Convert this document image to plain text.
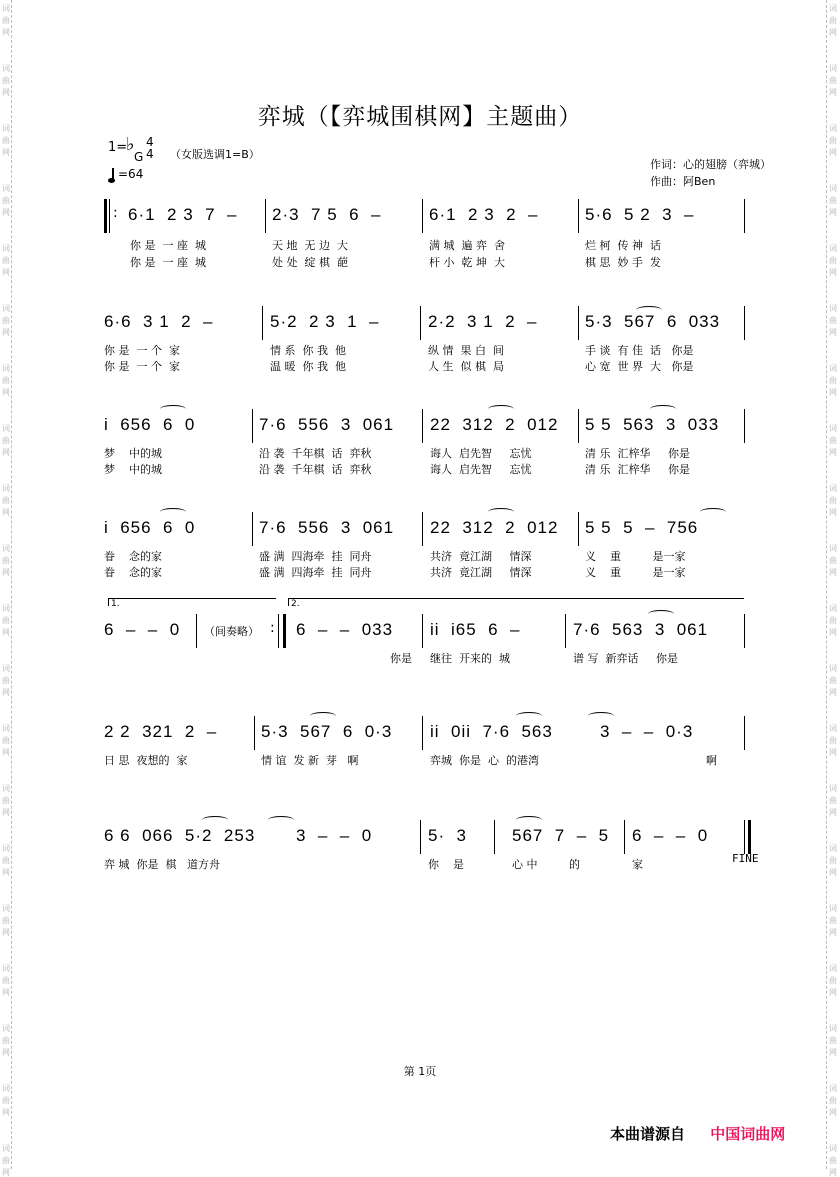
词
曲
网
词
曲
网
词
曲
网
词
曲
网
词
曲
网
词
曲
网
词
曲
网
词
曲
网
词
曲
网
词
曲
网
词
曲
网
词
曲
网
词
曲
网
词
曲
网
词
曲
网
词
曲
网
词
曲
网
词
曲
网
词
曲
网
词
曲
网
词
曲
网
词
曲
网
词
曲
网
词
曲
网
词
曲
网
词
曲
网
词
曲
网
词
曲
网
词
曲
网
词
曲
网
词
曲
网
词
曲
网
词
曲
网
词
曲
网
词
曲
网
词
曲
网
词
曲
网
词
曲
网
词
曲
网
词
曲
网
弈城（【弈城围棋网】主题曲）
1=
♭
G
4
4
=64
（女版选调1=B）
作词：心的翅膀（弈城）
作曲：阿Ben
: 6·1  2 3  7  – 2·3  7 5  6  –	6·1  2 3  2  –	5·6  5 2  3  –
你 是  一 座  城	天 地  无 边  大	满 城  遍 弈  舍	烂 柯  传 神  话
你 是  一 座  城	处 处  绽 棋  葩	杆 小  乾 坤  大	棋 思  妙 手  发
6·6  3 1  2  –	5·2  2 3  1  –	2·2  3 1  2  –	5·3  567  6  033
你 是  一 个  家	情 系  你 我  他	纵 情  果 白  间	手 谈  有 佳  话   你是
你 是  一 个  家	温 暖  你 我  他	人 生  似 棋  局	心 宽  世 界  大   你是
i  656  6  0	7·6  556  3  061 22  312  2  012 5 5  563  3  033
梦    中的城	沿 袭  千年棋  话  弈秋	诲人  启先智     忘忧	清 乐  汇梓华     你是
梦    中的城	沿 袭  千年棋  话  弈秋	诲人  启先智     忘忧	清 乐  汇梓华     你是
i  656  6  0	7·6  556  3  061 22  312  2  012 5 5  5  –  756
眷    念的家	盛 满  四海牵  挂  同舟	共济  竟江湖     情深	义    重         是一家
眷    念的家	盛 满  四海牵  挂  同舟	共济  竟江湖     情深	义    重         是一家
1.	2.
6  –  –  0 （间奏略） : 6  –  –  033 ii  i65  6  –	7·6  563  3  061
你是 继往  开来的  城	谱 写  新弈话     你是
2 2  321  2  –	5·3  567  6  0·3 ii  0ii  7·6  563	3  –  –  0·3
日 思  夜想的  家	情 谊  发 新  芽   啊	弈城  你是  心  的港湾	啊
6 6  066  5·2  253 3  –  –  0	5·  3	567  7  –  5 6  –  –  0
FINE
弈 城  你是  棋   道方舟	你    是	心 中         的	家
第 1页
本曲谱源自 中国词曲网
